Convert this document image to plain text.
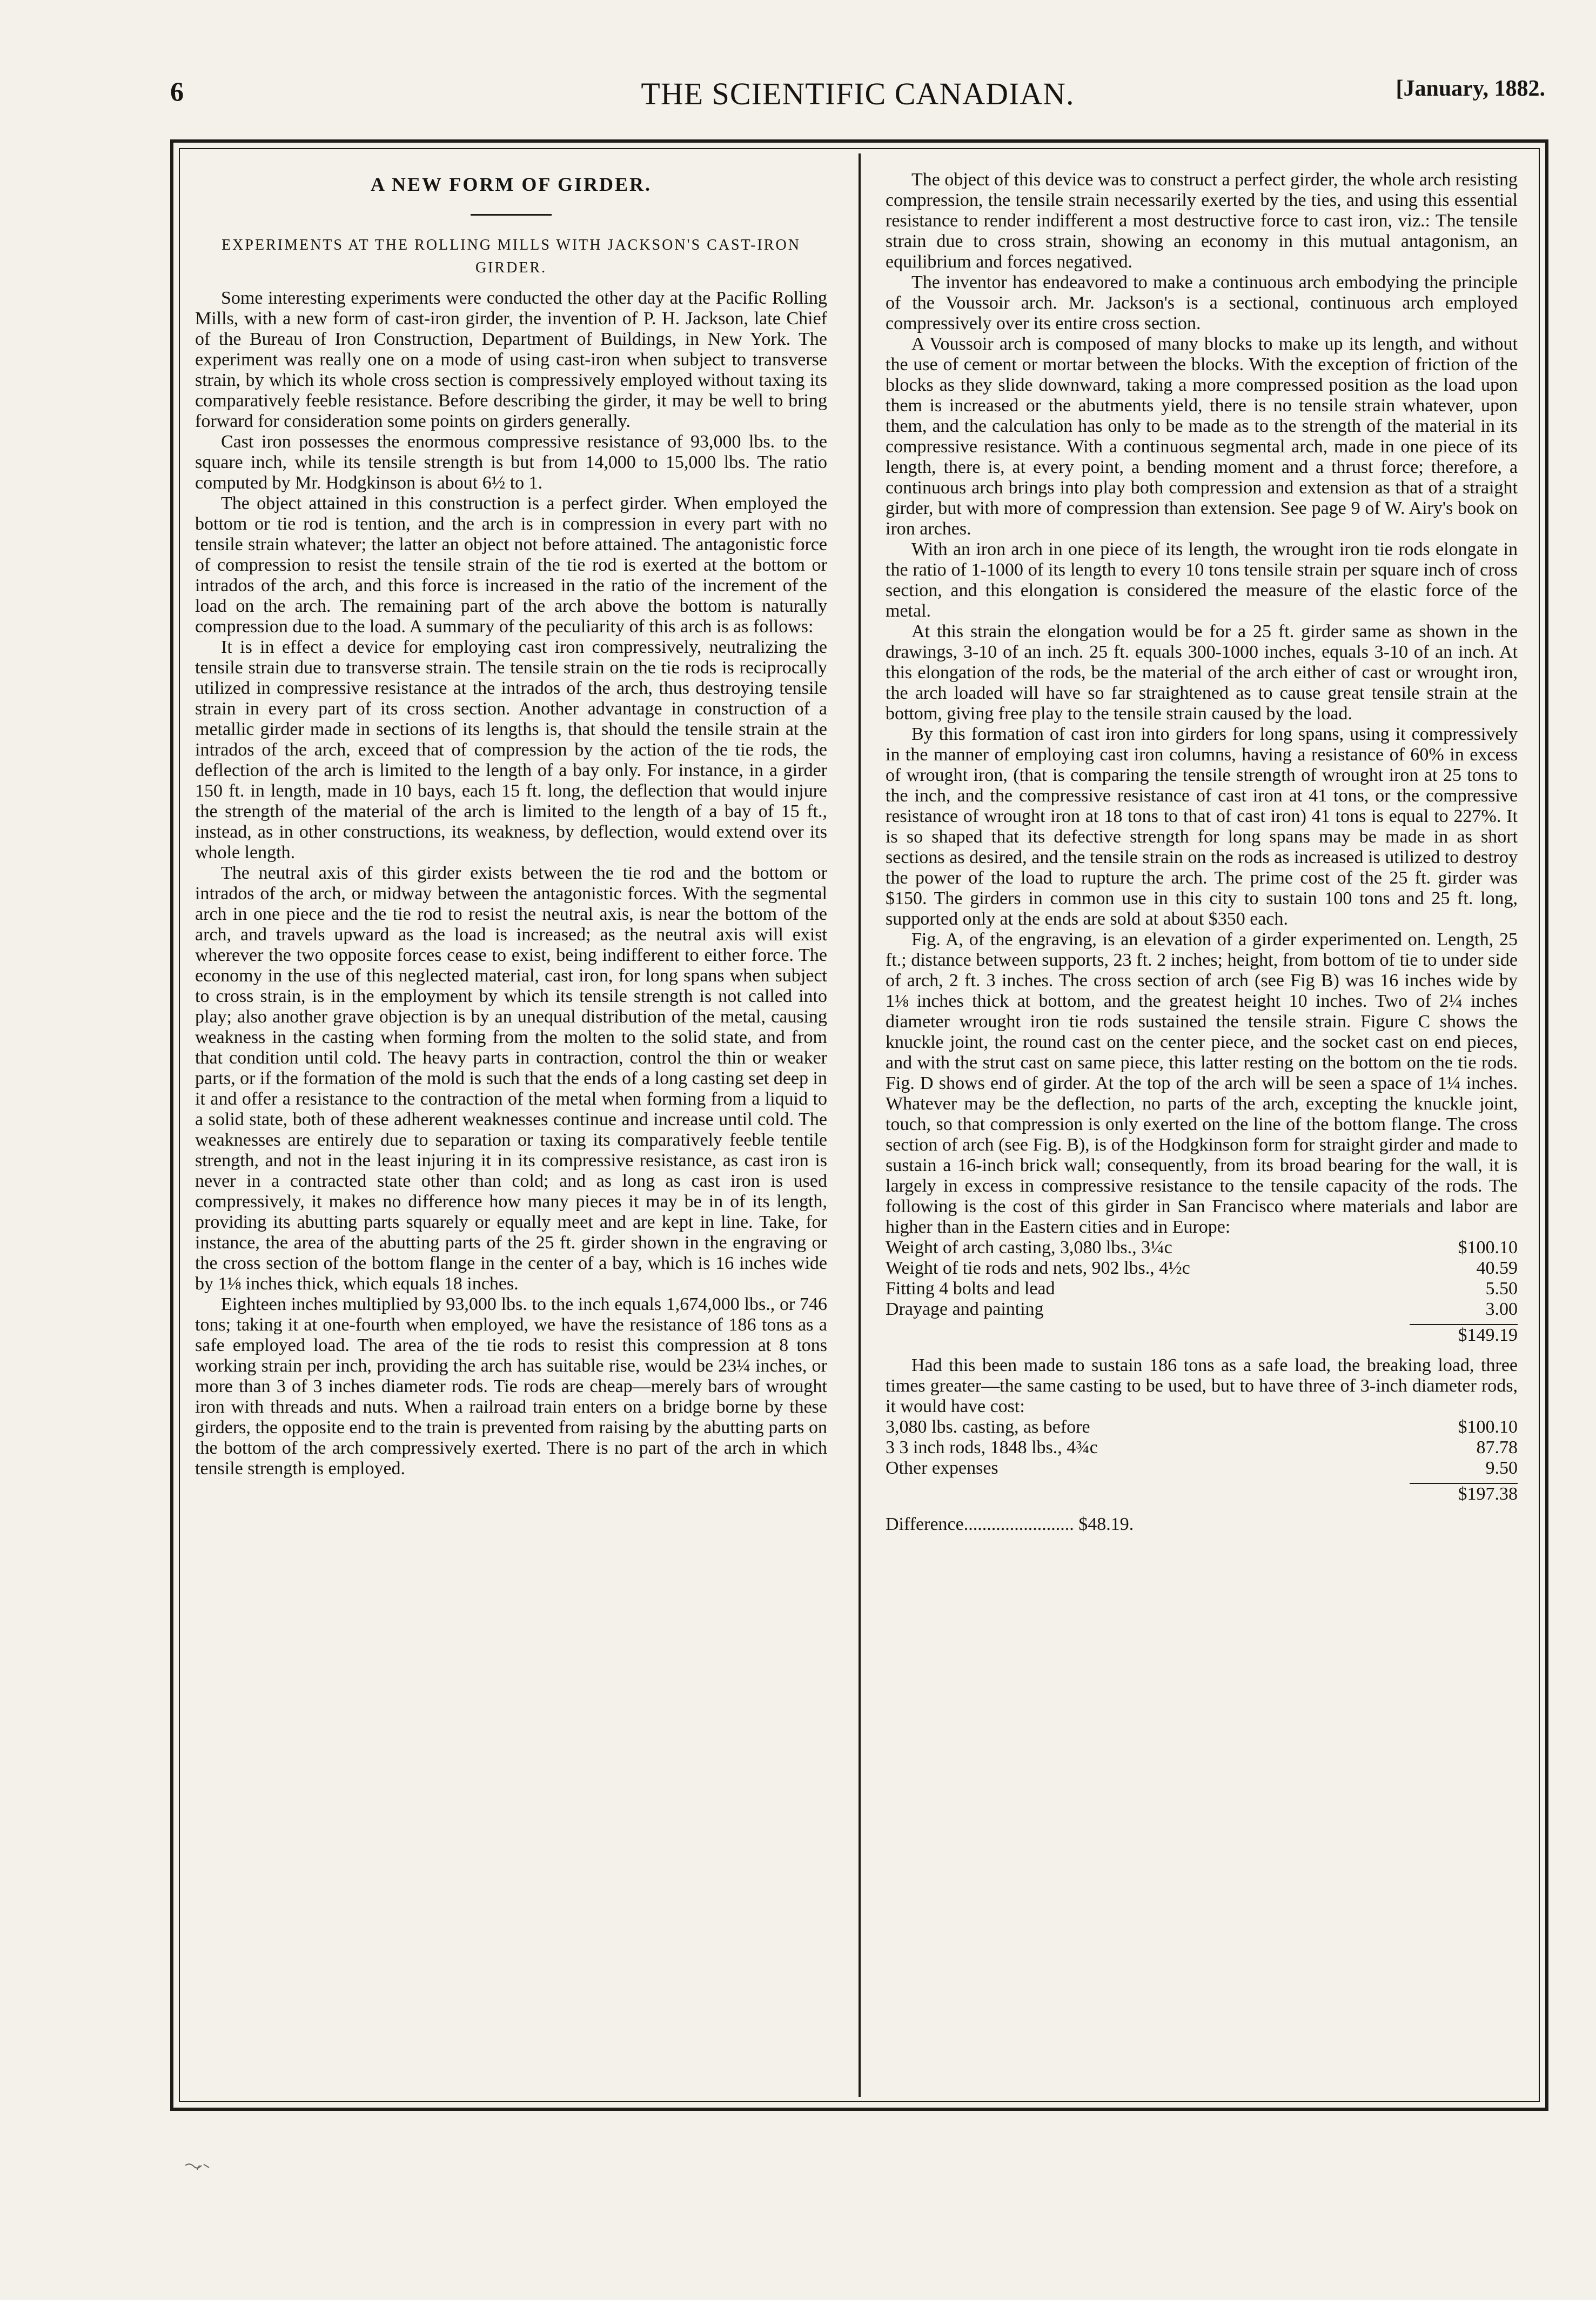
THE SCIENTIFIC CANADIAN.
6	[January, 1882.
A NEW FORM OF GIRDER.
EXPERIMENTS AT THE ROLLING MILLS WITH JACKSON'S CAST-IRON GIRDER.

Some interesting experiments were conducted the other day at the Pacific Rolling Mills, with a new form of cast-iron girder, the invention of P. H. Jackson, late Chief of the Bureau of Iron Construction, Department of Buildings, in New York. The experiment was really one on a mode of using cast-iron when subject to transverse strain, by which its whole cross section is compressively employed without taxing its comparatively feeble resistance. Before describing the girder, it may be well to bring forward for consideration some points on girders generally.

Cast iron possesses the enormous compressive resistance of 93,000 lbs. to the square inch, while its tensile strength is but from 14,000 to 15,000 lbs. The ratio computed by Mr. Hodgkinson is about 6½ to 1.

The object attained in this construction is a perfect girder. When employed the bottom or tie rod is tention, and the arch is in compression in every part with no tensile strain whatever; the latter an object not before attained. The antagonistic force of compression to resist the tensile strain of the tie rod is exerted at the bottom or intrados of the arch, and this force is increased in the ratio of the increment of the load on the arch. The remaining part of the arch above the bottom is naturally compression due to the load. A summary of the peculiarity of this arch is as follows:

It is in effect a device for employing cast iron compressively, neutralizing the tensile strain due to transverse strain. The tensile strain on the tie rods is reciprocally utilized in compressive resistance at the intrados of the arch, thus destroying tensile strain in every part of its cross section. Another advantage in construction of a metallic girder made in sections of its lengths is, that should the tensile strain at the intrados of the arch, exceed that of compression by the action of the tie rods, the deflection of the arch is limited to the length of a bay only. For instance, in a girder 150 ft. in length, made in 10 bays, each 15 ft. long, the deflection that would injure the strength of the material of the arch is limited to the length of a bay of 15 ft., instead, as in other constructions, its weakness, by deflection, would extend over its whole length.

The neutral axis of this girder exists between the tie rod and the bottom or intrados of the arch, or midway between the antagonistic forces. With the segmental arch in one piece and the tie rod to resist the neutral axis, is near the bottom of the arch, and travels upward as the load is increased; as the neutral axis will exist wherever the two opposite forces cease to exist, being indifferent to either force. The economy in the use of this neglected material, cast iron, for long spans when subject to cross strain, is in the employment by which its tensile strength is not called into play; also another grave objection is by an unequal distribution of the metal, causing weakness in the casting when forming from the molten to the solid state, and from that condition until cold. The heavy parts in contraction, control the thin or weaker parts, or if the formation of the mold is such that the ends of a long casting set deep in it and offer a resistance to the contraction of the metal when forming from a liquid to a solid state, both of these adherent weaknesses continue and increase until cold. The weaknesses are entirely due to separation or taxing its comparatively feeble tentile strength, and not in the least injuring it in its compressive resistance, as cast iron is never in a contracted state other than cold; and as long as cast iron is used compressively, it makes no difference how many pieces it may be in of its length, providing its abutting parts squarely or equally meet and are kept in line. Take, for instance, the area of the abutting parts of the 25 ft. girder shown in the engraving or the cross section of the bottom flange in the center of a bay, which is 16 inches wide by 1⅛ inches thick, which equals 18 inches.

Eighteen inches multiplied by 93,000 lbs. to the inch equals 1,674,000 lbs., or 746 tons; taking it at one-fourth when employed, we have the resistance of 186 tons as a safe employed load. The area of the tie rods to resist this compression at 8 tons working strain per inch, providing the arch has suitable rise, would be 23¼ inches, or more than 3 of 3 inches diameter rods. Tie rods are cheap—merely bars of wrought iron with threads and nuts. When a railroad train enters on a bridge borne by these girders, the opposite end to the train is prevented from raising by the abutting parts on the bottom of the arch compressively exerted. There is no part of the arch in which tensile strength is employed.

The object of this device was to construct a perfect girder, the whole arch resisting compression, the tensile strain necessarily exerted by the ties, and using this essential resistance to render indifferent a most destructive force to cast iron, viz.: The tensile strain due to cross strain, showing an economy in this mutual antagonism, an equilibrium and forces negatived.

The inventor has endeavored to make a continuous arch embodying the principle of the Voussoir arch. Mr. Jackson's is a sectional, continuous arch employed compressively over its entire cross section.

A Voussoir arch is composed of many blocks to make up its length, and without the use of cement or mortar between the blocks. With the exception of friction of the blocks as they slide downward, taking a more compressed position as the load upon them is increased or the abutments yield, there is no tensile strain whatever, upon them, and the calculation has only to be made as to the strength of the material in its compressive resistance. With a continuous segmental arch, made in one piece of its length, there is, at every point, a bending moment and a thrust force; therefore, a continuous arch brings into play both compression and extension as that of a straight girder, but with more of compression than extension. See page 9 of W. Airy's book on iron arches.

With an iron arch in one piece of its length, the wrought iron tie rods elongate in the ratio of 1-1000 of its length to every 10 tons tensile strain per square inch of cross section, and this elongation is considered the measure of the elastic force of the metal.

At this strain the elongation would be for a 25 ft. girder same as shown in the drawings, 3-10 of an inch. 25 ft. equals 300-1000 inches, equals 3-10 of an inch. At this elongation of the rods, be the material of the arch either of cast or wrought iron, the arch loaded will have so far straightened as to cause great tensile strain at the bottom, giving free play to the tensile strain caused by the load.

By this formation of cast iron into girders for long spans, using it compressively in the manner of employing cast iron columns, having a resistance of 60% in excess of wrought iron, (that is comparing the tensile strength of wrought iron at 25 tons to the inch, and the compressive resistance of cast iron at 41 tons, or the compressive resistance of wrought iron at 18 tons to that of cast iron) 41 tons is equal to 227%. It is so shaped that its defective strength for long spans may be made in as short sections as desired, and the tensile strain on the rods as increased is utilized to destroy the power of the load to rupture the arch. The prime cost of the 25 ft. girder was $150. The girders in common use in this city to sustain 100 tons and 25 ft. long, supported only at the ends are sold at about $350 each.

Fig. A, of the engraving, is an elevation of a girder experimented on. Length, 25 ft.; distance between supports, 23 ft. 2 inches; height, from bottom of tie to under side of arch, 2 ft. 3 inches. The cross section of arch (see Fig B) was 16 inches wide by 1⅛ inches thick at bottom, and the greatest height 10 inches. Two of 2¼ inches diameter wrought iron tie rods sustained the tensile strain. Figure C shows the knuckle joint, the round cast on the center piece, and the socket cast on end pieces, and with the strut cast on same piece, this latter resting on the bottom on the tie rods. Fig. D shows end of girder. At the top of the arch will be seen a space of 1¼ inches. Whatever may be the deflection, no parts of the arch, excepting the knuckle joint, touch, so that compression is only exerted on the line of the bottom flange. The cross section of arch (see Fig. B), is of the Hodgkinson form for straight girder and made to sustain a 16-inch brick wall; consequently, from its broad bearing for the wall, it is largely in excess in compressive resistance to the tensile capacity of the rods. The following is the cost of this girder in San Francisco where materials and labor are higher than in the Eastern cities and in Europe:

Weight of arch casting, 3,080 lbs., 3¼c	$100.10
Weight of tie rods and nets, 902 lbs., 4½c	40.59
Fitting 4 bolts and lead	5.50
Drayage and painting	3.00
$149.19

Had this been made to sustain 186 tons as a safe load, the breaking load, three times greater—the same casting to be used, but to have three of 3-inch diameter rods, it would have cost:

3,080 lbs. casting, as before	$100.10
3 3 inch rods, 1848 lbs., 4¾c	87.78
Other expenses	9.50
$197.38
Difference........................ $48.19.
